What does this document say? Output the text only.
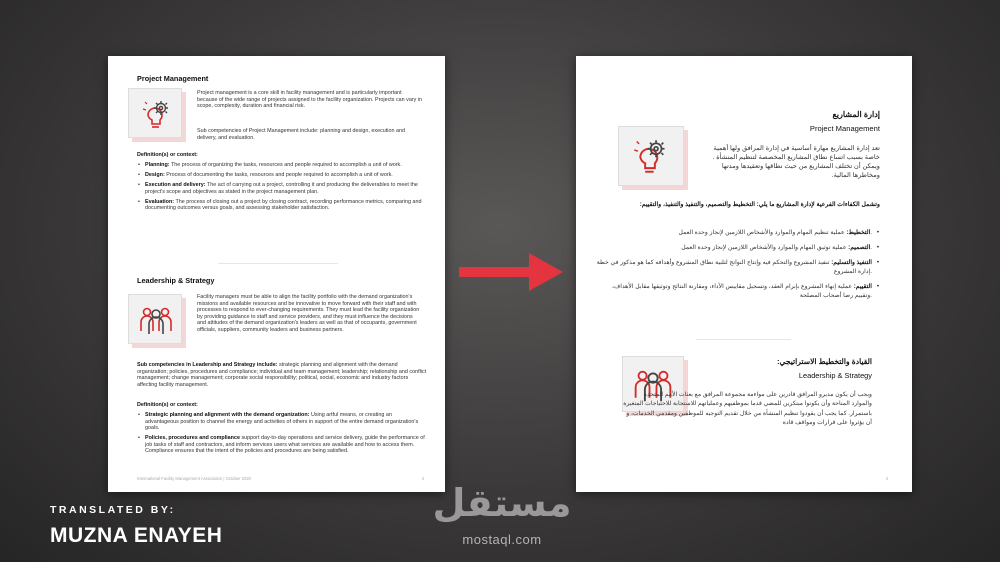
Project Management
Project management is a core skill in facility management and is particularly important because of the wide range of projects assigned to the facility organization. Projects can vary in scope, complexity, duration and financial risk.
Sub competencies of Project Management include: planning and design, execution and delivery, and evaluation.
Definition(s) or context:
• Planning: The process of organizing the tasks, resources and people required to accomplish a unit of work.
• Design: Process of documenting the tasks, resources and people required to accomplish a unit of work.
• Execution and delivery: The act of carrying out a project, controlling it and producing the deliverables to meet the project's scope and objectives as stated in the project management plan.
• Evaluation: The process of closing out a project by closing contract, recording performance metrics, comparing and documenting outcomes versus goals, and assessing stakeholder satisfaction.
Leadership & Strategy
Facility managers must be able to align the facility portfolio with the demand organization's missions and available resources and be innovative to move forward with their staff and with processes to respond to ever-changing requirements. They must lead the facility organization by providing guidance to staff and service providers, and they must influence the decisions and attitudes of the demand organization's leaders as well as that of occupants, government officials, suppliers, community leaders and business partners.
Sub competencies in Leadership and Strategy include: strategic planning and alignment with the demand organization; policies, procedures and compliance; individual and team management; leadership; relationship and conflict management; change management; corporate social responsibility; political, social, economic and industry factors affecting facility management.
Definition(s) or context:
• Strategic planning and alignment with the demand organization: Using artful means, or creating an advantageous position to channel the energy and activities of others in support of the entire demand organization's goals.
• Policies, procedures and compliance support day-to-day operations and service delivery, guide the performance of job tasks of staff and contractors, and inform services users what services are available and how to access them. Compliance ensures that the intent of the policies and procedures are being satisfied.
International Facility Management Association | October 2020	2
إدارة المشاريع
Project Management
تعد إدارة المشاريع مهارة أساسية في إدارة المرافق ولها أهمية خاصة بسبب اتساع نطاق المشاريع المخصصة لتنظيم المنشأة . ويمكن أن تختلف المشاريع من حيث نطاقها وتعقيدها ومدتها ومخاطرها المالية.
وتشمل الكفاءات الفرعية لإدارة المشاريع ما يلي: التخطيط والتصميم، والتنفيذ والتنفيذ، والتقييم:
• التخطيط: عملية تنظيم المهام والموارد والأشخاص اللازمين لإنجاز وحدة العمل.
• التصميم: عملية توثيق المهام والموارد والأشخاص اللازمين لإنجاز وحدة العمل.
• التنفيذ والتسليم: تنفيذ المشروع والتحكم فيه وإنتاج النواتج لتلبية نطاق المشروع وأهدافه كما هو مذكور في خطة إدارة المشروع.
• التقييم: عملية إنهاء المشروع بإبرام العقد، وتسجيل مقاييس الأداء، ومقارنة النتائج وتوثيقها مقابل الأهداف، وتقييم رضا أصحاب المصلحة.
القيادة والتخطيط الاستراتيجي:
Leadership & Strategy
ويجب أن يكون مديرو المرافق قادرين على مواءمة مجموعة المرافق مع بعثات الأمم المتحدة والموارد المتاحة وأن يكونوا مبتكرين للمضي قدما بموظفيهم وعملياتهم للاستجابة للاحتياجات المتغيرة باستمرار. كما يجب أن يقودوا تنظيم المنشأة من خلال تقديم التوجيه للموظفين ومقدمي الخدمات، و أن يؤثروا على قرارات ومواقف قادة
2
TRANSLATED BY:
MUZNA ENAYEH
مستقل
mostaql.com
